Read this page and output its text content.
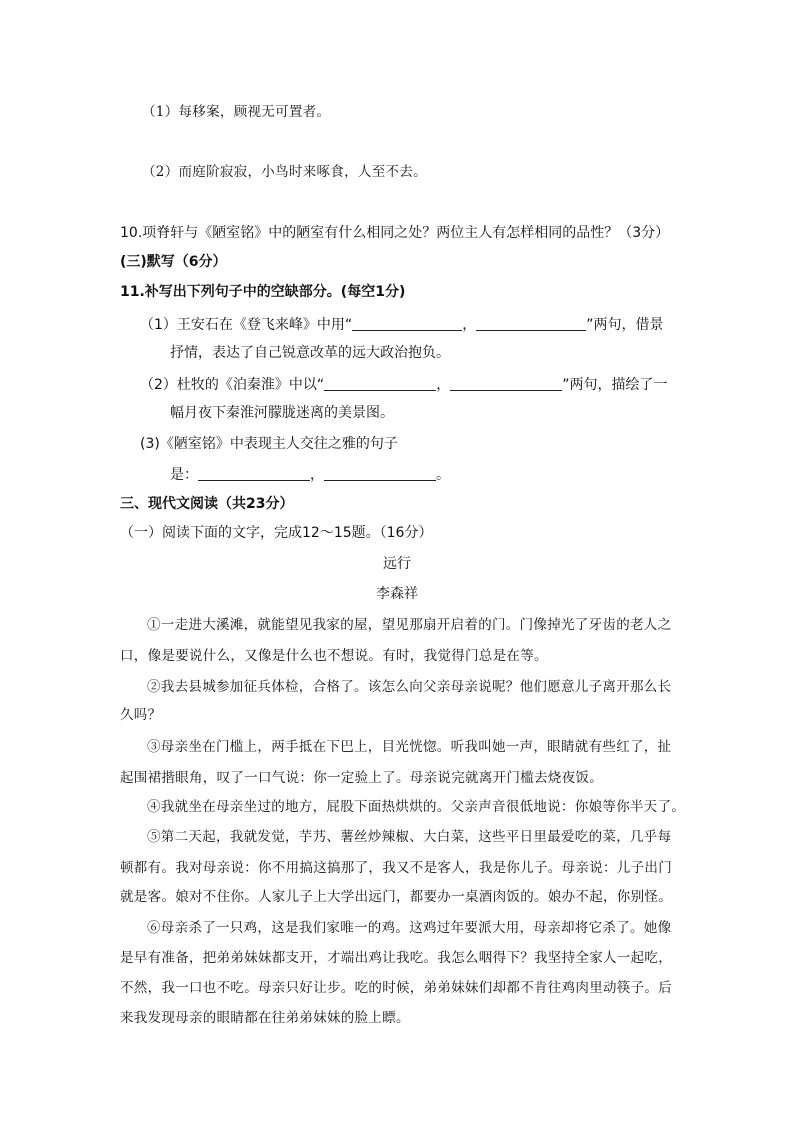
（1）每移案，顾视无可置者。
（2）而庭阶寂寂，小鸟时来啄食，人至不去。
10.项脊轩与《陋室铭》中的陋室有什么相同之处？两位主人有怎样相同的品性？（3分）
(三)默写（6分）
11.补写出下列句子中的空缺部分。(每空1分)
（1）王安石在《登飞来峰》中用“	，	”两句，借景
抒情，表达了自己锐意改革的远大政治抱负。
（2）杜牧的《泊秦淮》中以“	，	”两句，描绘了一
幅月夜下秦淮河朦胧迷离的美景图。
(3)《陋室铭》中表现主人交往之雅的句子
是：	，	。
三、现代文阅读（共23分）
（一）阅读下面的文字，完成12～15题。（16分）
远行
李森祥
①一走进大溪滩，就能望见我家的屋，望见那扇开启着的门。门像掉光了牙齿的老人之
口，像是要说什么，又像是什么也不想说。有时，我觉得门总是在等。
②我去县城参加征兵体检，合格了。该怎么向父亲母亲说呢？他们愿意儿子离开那么长
久吗？
③母亲坐在门槛上，两手抵在下巴上，目光恍惚。听我叫她一声，眼睛就有些红了，扯
起围裙揩眼角，叹了一口气说：你一定验上了。母亲说完就离开门槛去烧夜饭。
④我就坐在母亲坐过的地方，屁股下面热烘烘的。父亲声音很低地说：你娘等你半天了。
⑤第二天起，我就发觉，芋艿、薯丝炒辣椒、大白菜，这些平日里最爱吃的菜，几乎每
顿都有。我对母亲说：你不用搞这搞那了，我又不是客人，我是你儿子。母亲说：儿子出门
就是客。娘对不住你。人家儿子上大学出远门，都要办一桌酒肉饭的。娘办不起，你别怪。
⑥母亲杀了一只鸡，这是我们家唯一的鸡。这鸡过年要派大用，母亲却将它杀了。她像
是早有准备，把弟弟妹妹都支开，才端出鸡让我吃。我怎么咽得下？我坚持全家人一起吃，
不然，我一口也不吃。母亲只好让步。吃的时候，弟弟妹妹们却都不肯往鸡肉里动筷子。后
来我发现母亲的眼睛都在往弟弟妹妹的脸上瞟。
